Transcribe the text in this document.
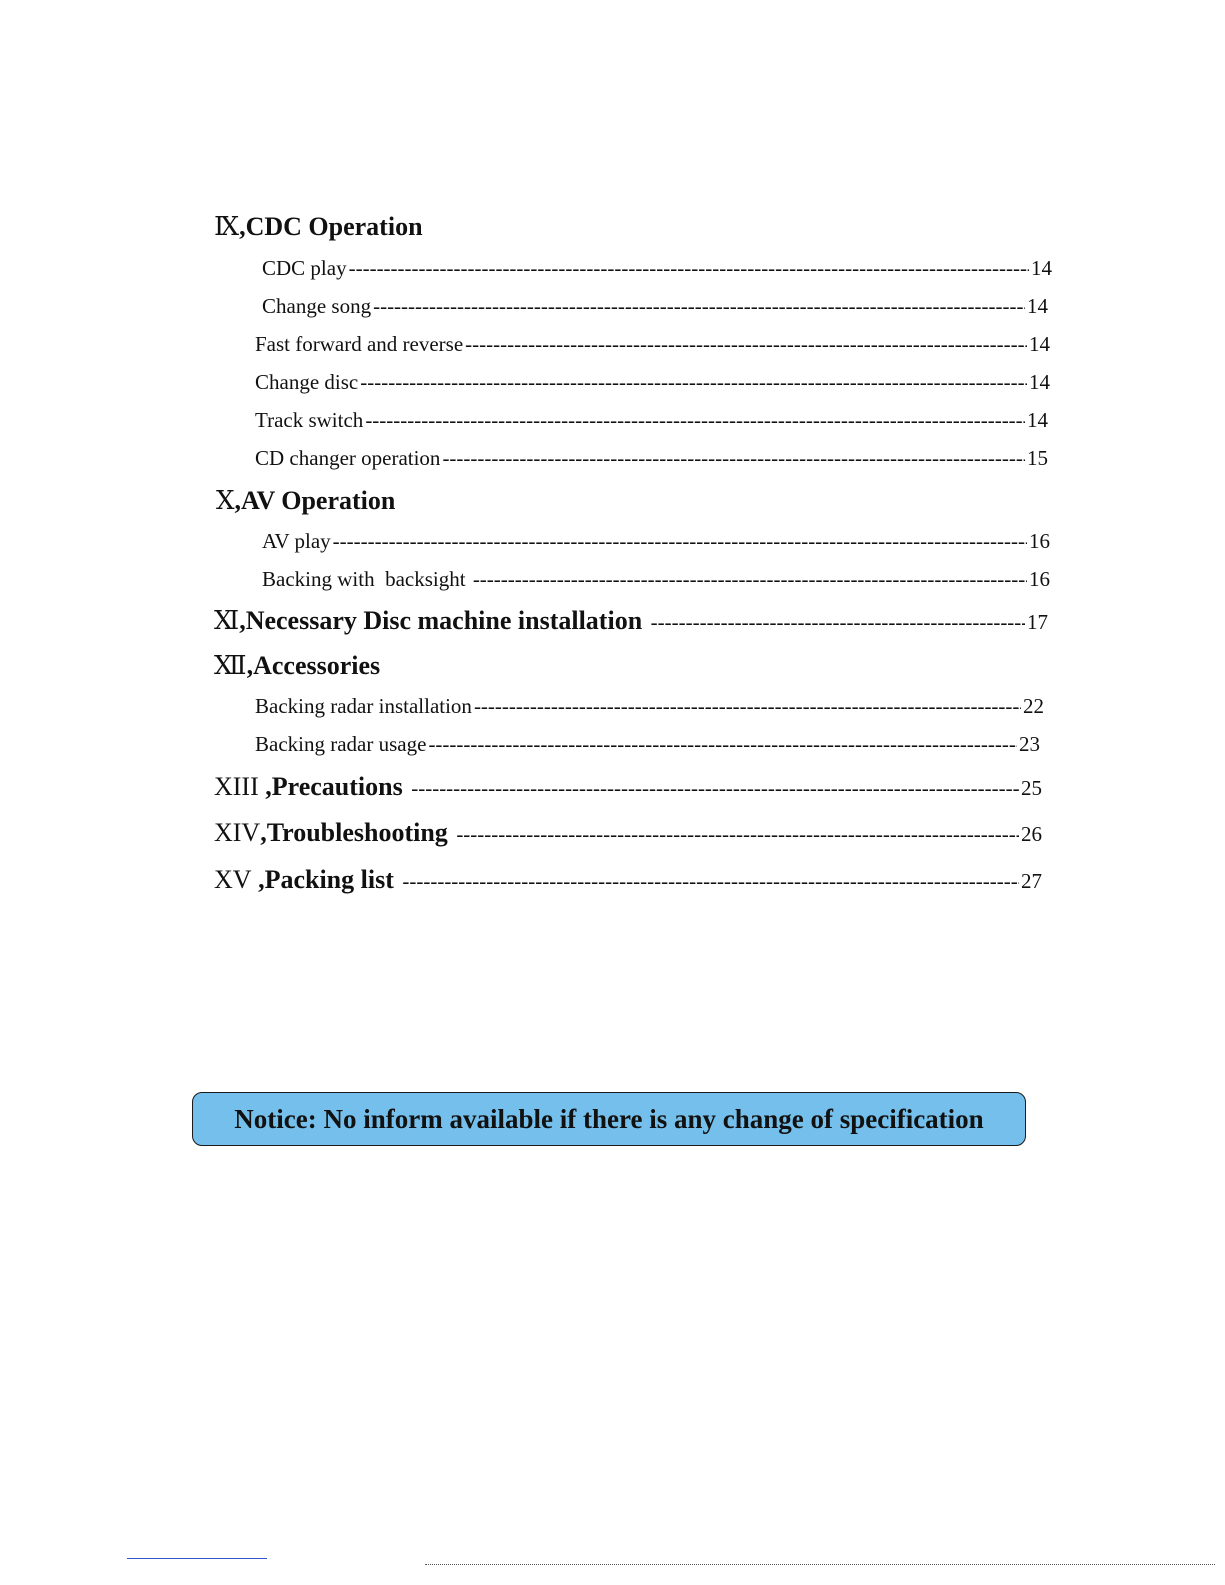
Ⅸ ,CDC Operation
CDC play -----	14
Change song -----	14
Fast forward and reverse -----	14
Change disc -----	14
Track switch -----	14
CD changer operation -----	15
Ⅹ ,AV Operation
AV play -----	16
Backing with  backsight -----	16
Ⅺ ,Necessary Disc machine installation -----	17
Ⅻ ,Accessories
Backing radar installation -----	22
Backing radar usage -----	23
XIII ,Precautions -----	25
XIV ,Troubleshooting -----	26
XV ,Packing list -----	27
Notice: No inform available if there is any change of specification
